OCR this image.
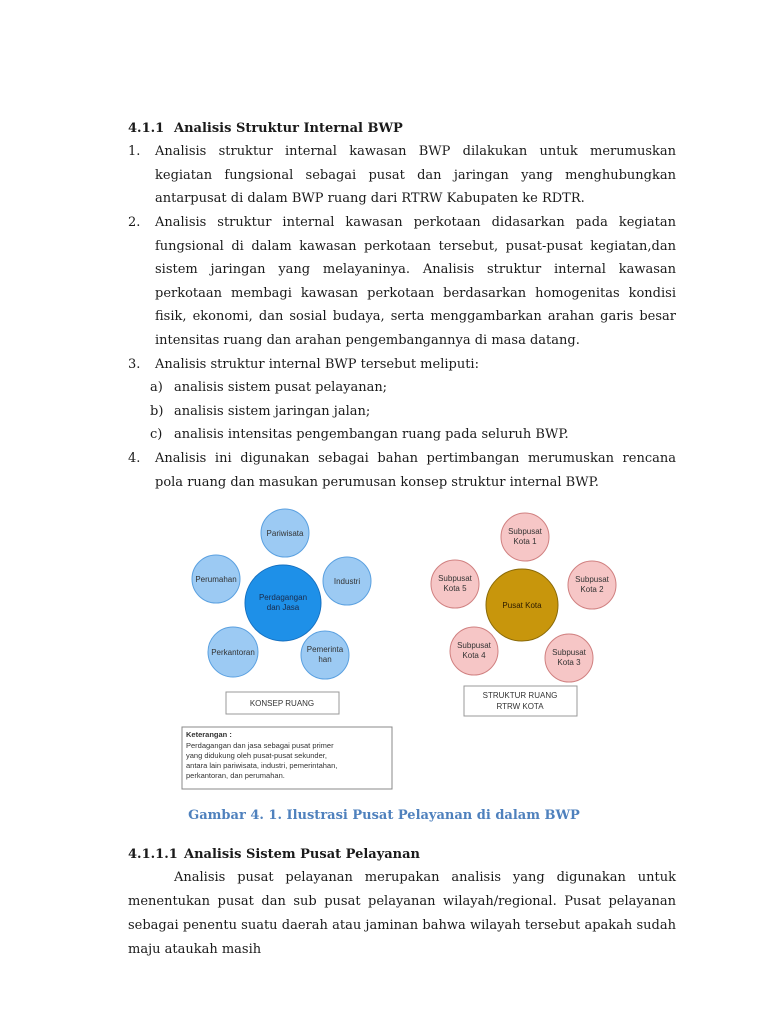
4.1.1 Analisis Struktur Internal BWP
1. Analisis struktur internal kawasan BWP dilakukan untuk merumuskan kegiatan fungsional sebagai pusat dan jaringan yang menghubungkan antarpusat di dalam BWP ruang dari RTRW Kabupaten ke RDTR.
2. Analisis struktur internal kawasan perkotaan didasarkan pada kegiatan fungsional di dalam kawasan perkotaan tersebut, pusat-pusat kegiatan,dan sistem jaringan yang melayaninya. Analisis struktur internal kawasan perkotaan membagi kawasan perkotaan berdasarkan homogenitas kondisi fisik, ekonomi, dan sosial budaya, serta menggambarkan arahan garis besar intensitas ruang dan arahan pengembangannya di masa datang.
3. Analisis struktur internal BWP tersebut meliputi:
a) analisis sistem pusat pelayanan;
b) analisis sistem jaringan jalan;
c) analisis intensitas pengembangan ruang pada seluruh BWP.
4. Analisis ini digunakan sebagai bahan pertimbangan merumuskan rencana pola ruang dan masukan perumusan konsep struktur internal BWP.
Pariwisata
Perumahan	Industri
Perkantoran	Pemerinta
han
Perdagangan
dan Jasa
KONSEP RUANG
Subpusat
Kota 1
Subpusat
Kota 5
Subpusat
Kota 2
Subpusat
Kota 4	Subpusat
Kota 3
Pusat Kota
STRUKTUR RUANG
RTRW KOTA
Keterangan :
Perdagangan dan jasa sebagai pusat primer
yang didukung oleh pusat-pusat sekunder,
antara lain pariwisata, industri, pemerintahan,
perkantoran, dan perumahan.
Gambar 4. 1. Ilustrasi Pusat Pelayanan di dalam BWP
4.1.1.1 Analisis Sistem Pusat Pelayanan
Analisis pusat pelayanan merupakan analisis yang digunakan untuk menentukan pusat dan sub pusat pelayanan wilayah/regional. Pusat pelayanan sebagai penentu suatu daerah atau jaminan bahwa wilayah tersebut apakah sudah maju ataukah masih
